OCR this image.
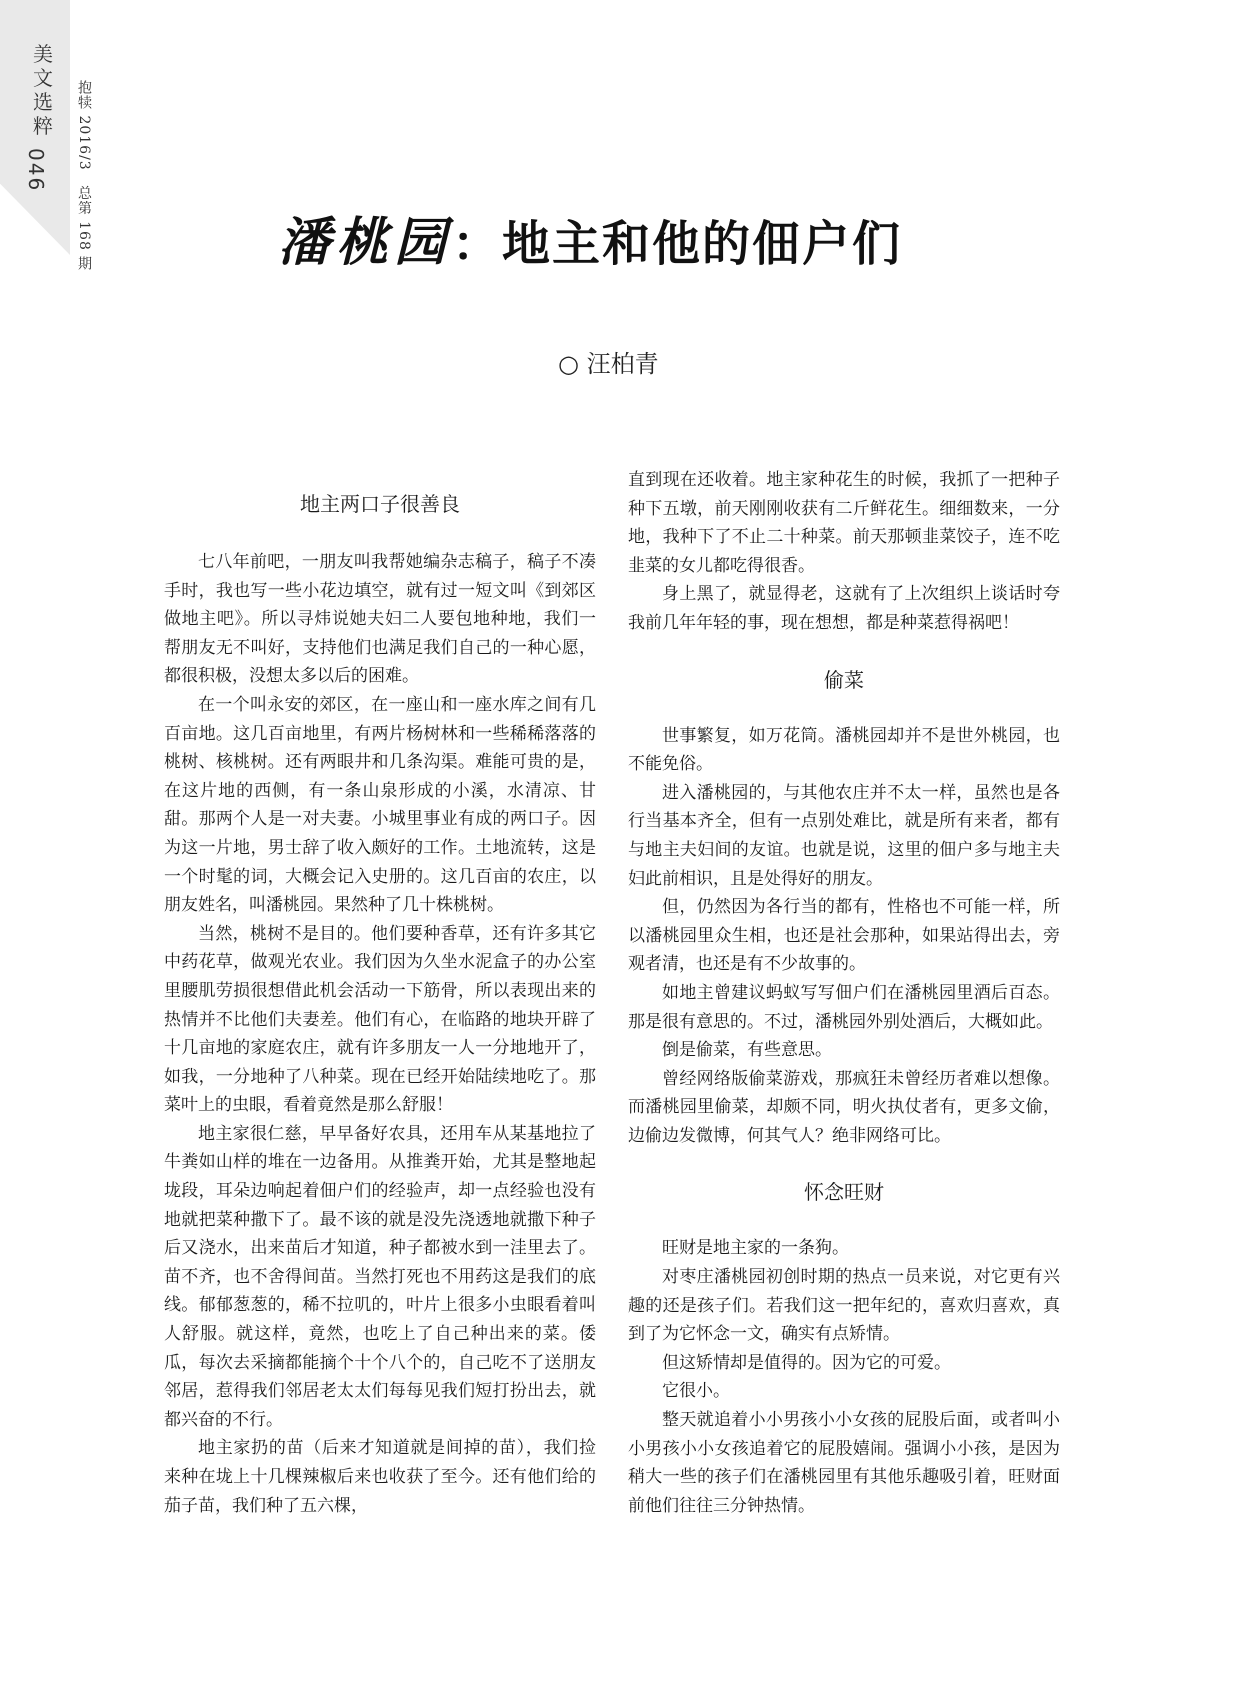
美
文
选
粹
046 抱犊 2016/3　总第 168 期	潘桃园：地主和他的佃户们
○ 汪柏青
地主两口子很善良

七八年前吧，一朋友叫我帮她编杂志稿子，稿子不凑手时，我也写一些小花边填空，就有过一短文叫《到郊区做地主吧》。所以寻炜说她夫妇二人要包地种地，我们一帮朋友无不叫好，支持他们也满足我们自己的一种心愿，都很积极，没想太多以后的困难。

在一个叫永安的郊区，在一座山和一座水库之间有几百亩地。这几百亩地里，有两片杨树林和一些稀稀落落的桃树、核桃树。还有两眼井和几条沟渠。难能可贵的是，在这片地的西侧，有一条山泉形成的小溪，水清凉、甘甜。那两个人是一对夫妻。小城里事业有成的两口子。因为这一片地，男士辞了收入颇好的工作。土地流转，这是一个时髦的词，大概会记入史册的。这几百亩的农庄，以朋友姓名，叫潘桃园。果然种了几十株桃树。

当然，桃树不是目的。他们要种香草，还有许多其它中药花草，做观光农业。我们因为久坐水泥盒子的办公室里腰肌劳损很想借此机会活动一下筋骨，所以表现出来的热情并不比他们夫妻差。他们有心，在临路的地块开辟了十几亩地的家庭农庄，就有许多朋友一人一分地地开了，如我，一分地种了八种菜。现在已经开始陆续地吃了。那菜叶上的虫眼，看着竟然是那么舒服！

地主家很仁慈，早早备好农具，还用车从某基地拉了牛粪如山样的堆在一边备用。从推粪开始，尤其是整地起垅段，耳朵边响起着佃户们的经验声，却一点经验也没有地就把菜种撒下了。最不该的就是没先浇透地就撒下种子后又浇水，出来苗后才知道，种子都被水到一洼里去了。苗不齐，也不舍得间苗。当然打死也不用药这是我们的底线。郁郁葱葱的，稀不拉叽的，叶片上很多小虫眼看着叫人舒服。就这样，竟然，也吃上了自己种出来的菜。倭瓜，每次去采摘都能摘个十个八个的，自己吃不了送朋友邻居，惹得我们邻居老太太们每每见我们短打扮出去，就都兴奋的不行。

地主家扔的苗（后来才知道就是间掉的苗），我们捡来种在垅上十几棵辣椒后来也收获了至今。还有他们给的茄子苗，我们种了五六棵，

直到现在还收着。地主家种花生的时候，我抓了一把种子种下五墩，前天刚刚收获有二斤鲜花生。细细数来，一分地，我种下了不止二十种菜。前天那顿韭菜饺子，连不吃韭菜的女儿都吃得很香。

身上黑了，就显得老，这就有了上次组织上谈话时夸我前几年年轻的事，现在想想，都是种菜惹得祸吧！

偷菜

世事繁复，如万花筒。潘桃园却并不是世外桃园，也不能免俗。

进入潘桃园的，与其他农庄并不太一样，虽然也是各行当基本齐全，但有一点别处难比，就是所有来者，都有与地主夫妇间的友谊。也就是说，这里的佃户多与地主夫妇此前相识，且是处得好的朋友。

但，仍然因为各行当的都有，性格也不可能一样，所以潘桃园里众生相，也还是社会那种，如果站得出去，旁观者清，也还是有不少故事的。

如地主曾建议蚂蚁写写佃户们在潘桃园里酒后百态。那是很有意思的。不过，潘桃园外别处酒后，大概如此。

倒是偷菜，有些意思。

曾经网络版偷菜游戏，那疯狂未曾经历者难以想像。而潘桃园里偷菜，却颇不同，明火执仗者有，更多文偷，边偷边发微博，何其气人？绝非网络可比。

怀念旺财

旺财是地主家的一条狗。

对枣庄潘桃园初创时期的热点一员来说，对它更有兴趣的还是孩子们。若我们这一把年纪的，喜欢归喜欢，真到了为它怀念一文，确实有点矫情。

但这矫情却是值得的。因为它的可爱。

它很小。

整天就追着小小男孩小小女孩的屁股后面，或者叫小小男孩小小女孩追着它的屁股嬉闹。强调小小孩，是因为稍大一些的孩子们在潘桃园里有其他乐趣吸引着，旺财面前他们往往三分钟热情。
